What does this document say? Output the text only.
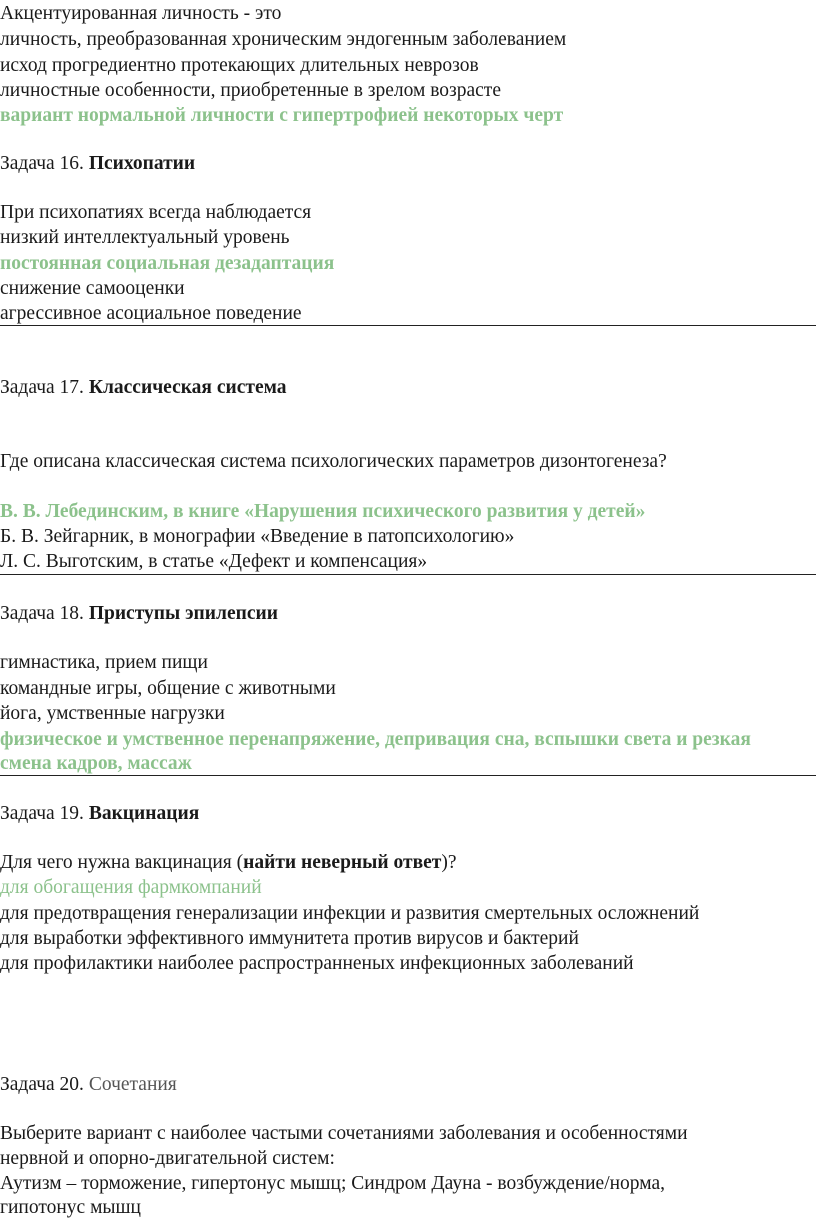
Акцентуированная личность - это
личность, преобразованная хроническим эндогенным заболеванием
исход прогредиентно протекающих длительных неврозов
личностные особенности, приобретенные в зрелом возрасте
вариант нормальной личности с гипертрофией некоторых черт
Задача 16. Психопатии
При психопатиях всегда наблюдается
низкий интеллектуальный уровень
постоянная социальная дезадаптация
снижение самооценки
агрессивное асоциальное поведение
Задача 17. Классическая система
Где описана классическая система психологических параметров дизонтогенеза?
В. В. Лебединским, в книге «Нарушения психического развития у детей»
Б. В. Зейгарник, в монографии «Введение в патопсихологию»
Л. С. Выготским, в статье «Дефект и компенсация»
Задача 18. Приступы эпилепсии
гимнастика, прием пищи
командные игры, общение с животными
йога, умственные нагрузки
физическое и умственное перенапряжение, депривация сна, вспышки света и резкая
смена кадров, массаж
Задача 19. Вакцинация
Для чего нужна вакцинация (найти неверный ответ)?
для обогащения фармкомпаний
для предотвращения генерализации инфекции и развития смертельных осложнений
для выработки эффективного иммунитета против вирусов и бактерий
для профилактики наиболее распространненых инфекционных заболеваний
Задача 20. Сочетания
Выберите вариант с наиболее частыми сочетаниями заболевания и особенностями
нервной и опорно-двигательной систем:
Аутизм – торможение, гипертонус мышц; Синдром Дауна - возбуждение/норма,
гипотонус мышц
